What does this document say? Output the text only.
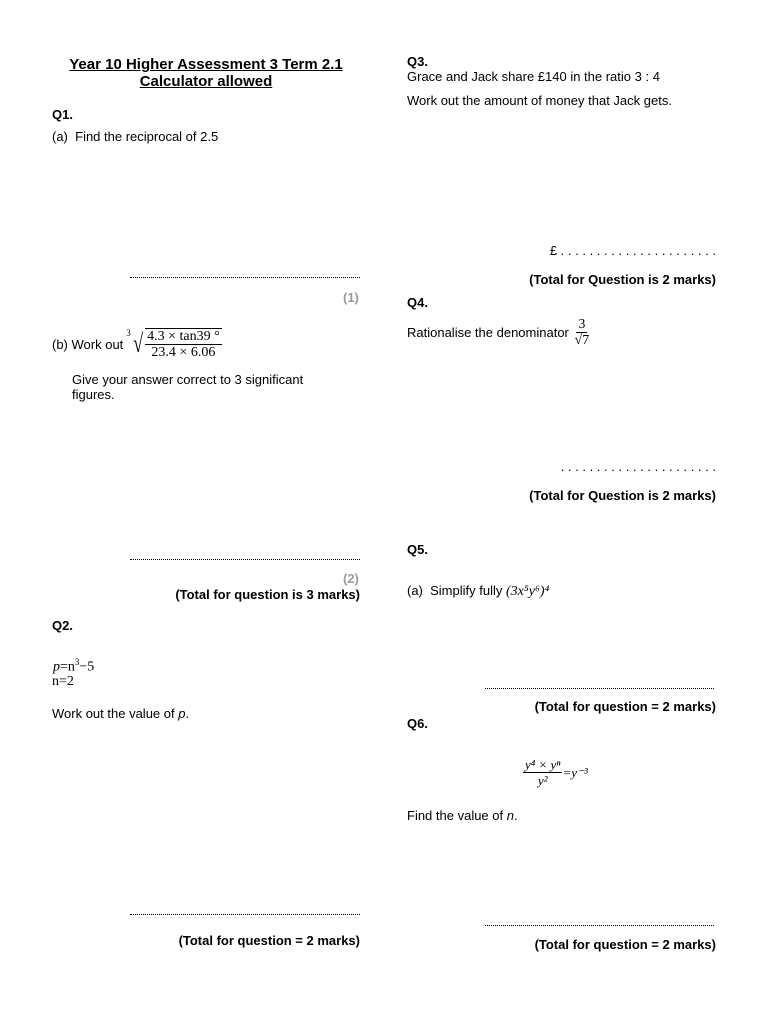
Year 10 Higher Assessment 3 Term 2.1
Calculator allowed
Q1.
(a) Find the reciprocal of 2.5
(1)
(b)
Work out
3 √ $\frac{4.3 \times \tan 39 ^\circ}{23.4 \times 6.06}$
Give your answer correct to 3 significant figures.
(2)
(Total for question is 3 marks)
Q2.
$p=n^3-5$
n=2
Work out the value of p.
(Total for question = 2 marks)
Q3.
Grace and Jack share £140 in the ratio 3 : 4
Work out the amount of money that Jack gets.
£ . . . . . . . . . . . . . . . . . . . . . .
(Total for Question is 2 marks)
Q4.
Rationalise the denominator
$\frac{3}{√7}$
. . . . . . . . . . . . . . . . . . . . . .
(Total for Question is 2 marks)
Q5.
(a) Simplify fully (3x⁵y⁶)⁴
(Total for question = 2 marks)
Q6.
$\frac{\text{y⁴ × yⁿ}}{\text{y²}} =y^{-3}$
Find the value of n.
(Total for question = 2 marks)
